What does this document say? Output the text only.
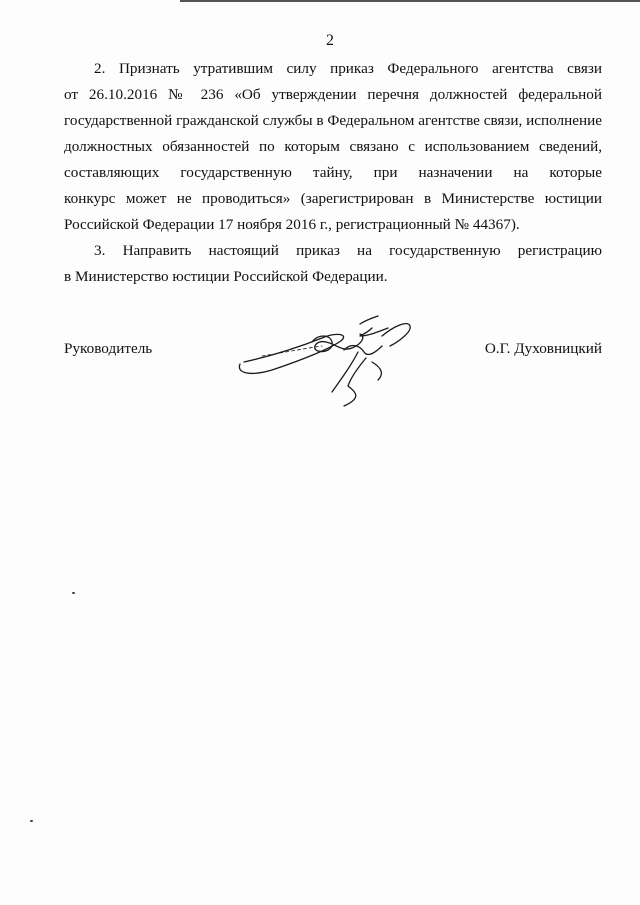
2
2. Признать утратившим силу приказ Федерального агентства связи
от 26.10.2016 № 236 «Об утверждении перечня должностей федеральной
государственной гражданской службы в Федеральном агентстве связи, исполнение
должностных обязанностей по которым связано с использованием сведений,
составляющих государственную тайну, при назначении на которые
конкурс может не проводиться» (зарегистрирован в Министерстве юстиции
Российской Федерации 17 ноября 2016 г., регистрационный № 44367).
3. Направить настоящий приказ на государственную регистрацию
в Министерство юстиции Российской Федерации.
Руководитель	О.Г. Духовницкий
